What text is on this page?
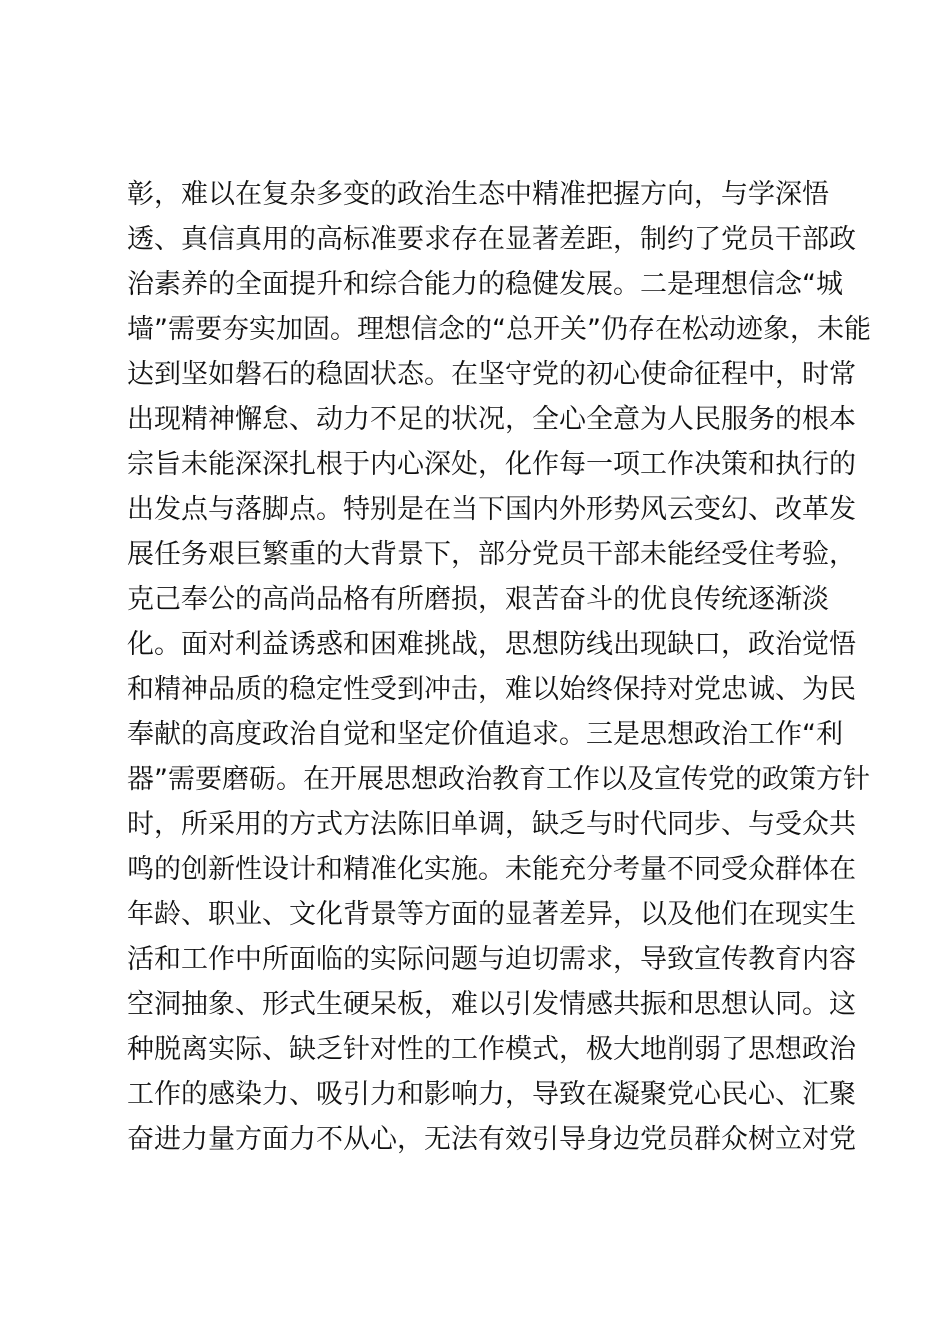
彰，难以在复杂多变的政治生态中精准把握方向，与学深悟
透、真信真用的高标准要求存在显著差距，制约了党员干部政
治素养的全面提升和综合能力的稳健发展。二是理想信念“城
墙”需要夯实加固。理想信念的“总开关”仍存在松动迹象，未能
达到坚如磐石的稳固状态。在坚守党的初心使命征程中，时常
出现精神懈怠、动力不足的状况，全心全意为人民服务的根本
宗旨未能深深扎根于内心深处，化作每一项工作决策和执行的
出发点与落脚点。特别是在当下国内外形势风云变幻、改革发
展任务艰巨繁重的大背景下，部分党员干部未能经受住考验，
克己奉公的高尚品格有所磨损，艰苦奋斗的优良传统逐渐淡
化。面对利益诱惑和困难挑战，思想防线出现缺口，政治觉悟
和精神品质的稳定性受到冲击，难以始终保持对党忠诚、为民
奉献的高度政治自觉和坚定价值追求。三是思想政治工作“利
器”需要磨砺。在开展思想政治教育工作以及宣传党的政策方针
时，所采用的方式方法陈旧单调，缺乏与时代同步、与受众共
鸣的创新性设计和精准化实施。未能充分考量不同受众群体在
年龄、职业、文化背景等方面的显著差异，以及他们在现实生
活和工作中所面临的实际问题与迫切需求，导致宣传教育内容
空洞抽象、形式生硬呆板，难以引发情感共振和思想认同。这
种脱离实际、缺乏针对性的工作模式，极大地削弱了思想政治
工作的感染力、吸引力和影响力，导致在凝聚党心民心、汇聚
奋进力量方面力不从心，无法有效引导身边党员群众树立对党
